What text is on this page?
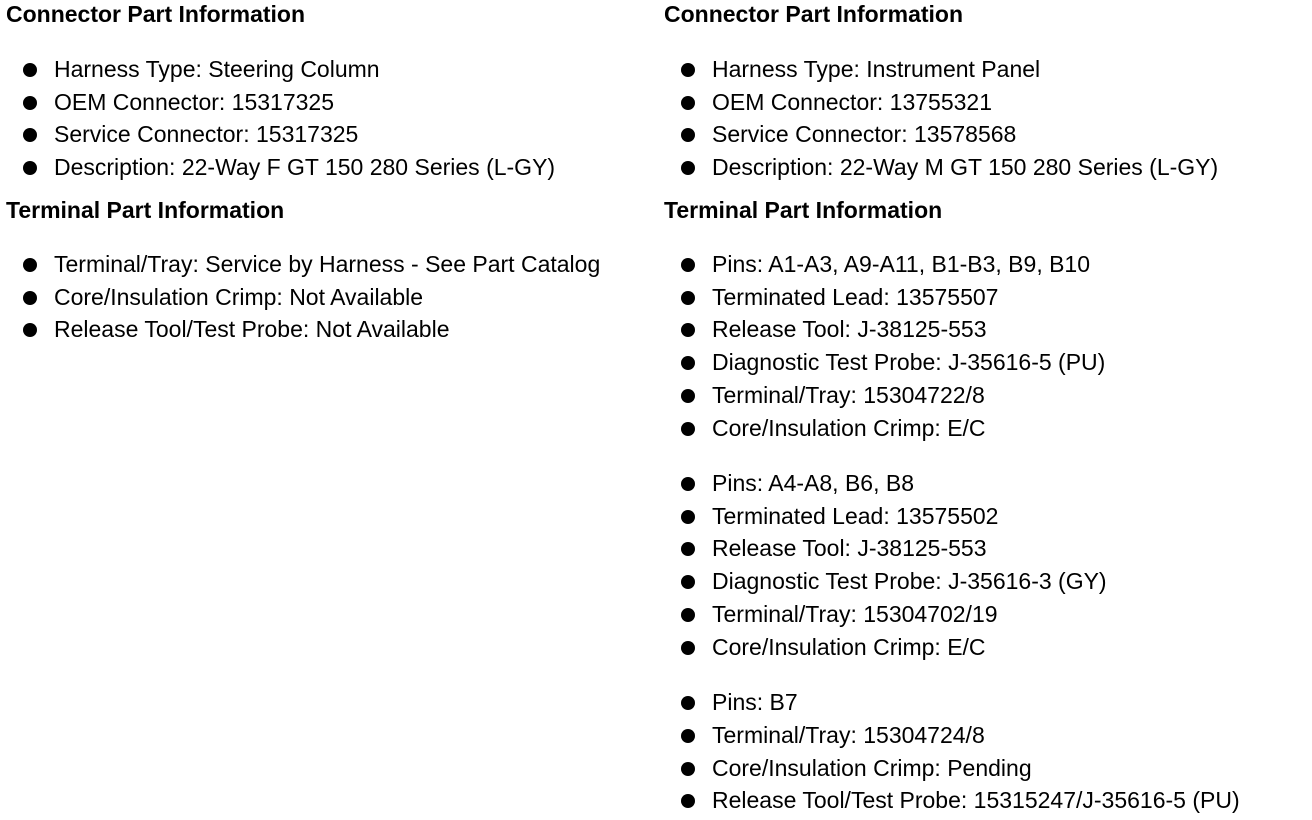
Connector Part Information
Harness Type: Steering Column
OEM Connector: 15317325
Service Connector: 15317325
Description: 22-Way F GT 150 280 Series (L-GY)
Terminal Part Information
Terminal/Tray: Service by Harness - See Part Catalog
Core/Insulation Crimp: Not Available
Release Tool/Test Probe: Not Available
Connector Part Information
Harness Type: Instrument Panel
OEM Connector: 13755321
Service Connector: 13578568
Description: 22-Way M GT 150 280 Series (L-GY)
Terminal Part Information
Pins: A1-A3, A9-A11, B1-B3, B9, B10
Terminated Lead: 13575507
Release Tool: J-38125-553
Diagnostic Test Probe: J-35616-5 (PU)
Terminal/Tray: 15304722/8
Core/Insulation Crimp: E/C
Pins: A4-A8, B6, B8
Terminated Lead: 13575502
Release Tool: J-38125-553
Diagnostic Test Probe: J-35616-3 (GY)
Terminal/Tray: 15304702/19
Core/Insulation Crimp: E/C
Pins: B7
Terminal/Tray: 15304724/8
Core/Insulation Crimp: Pending
Release Tool/Test Probe: 15315247/J-35616-5 (PU)
